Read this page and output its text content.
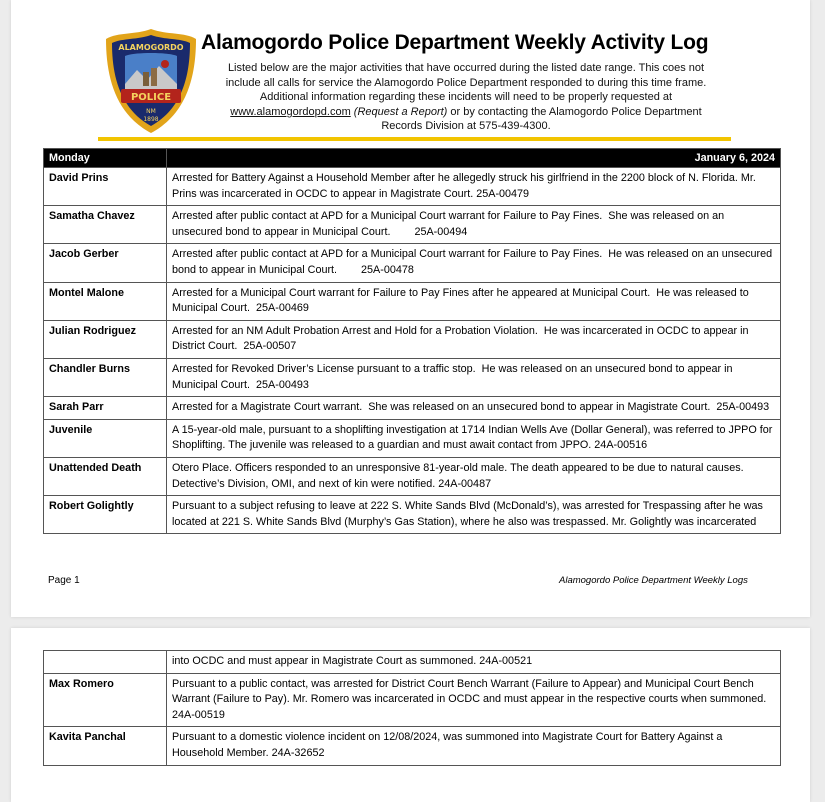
POLICE
ALAMOGORDO
NM
1898
Alamogordo Police Department Weekly Activity Log
Listed below are the major activities that have occurred during the listed date range. This coes not
include all calls for service the Alamogordo Police Department responded to during this time frame.
Additional information regarding these incidents will need to be properly requested at
www.alamogordopd.com (Request a Report) or by contacting the Alamogordo Police Department
Records Division at 575-439-4300.
Monday	January 6, 2024
David Prins	Arrested for Battery Against a Household Member after he allegedly struck his girlfriend in the 2200 block of N. Florida. Mr. Prins was incarcerated in OCDC to appear in Magistrate Court. 25A-00479
Samatha Chavez	Arrested after public contact at APD for a Municipal Court warrant for Failure to Pay Fines.  She was released on an unsecured bond to appear in Municipal Court.        25A-00494
Jacob Gerber	Arrested after public contact at APD for a Municipal Court warrant for Failure to Pay Fines.  He was released on an unsecured bond to appear in Municipal Court.        25A-00478
Montel Malone	Arrested for a Municipal Court warrant for Failure to Pay Fines after he appeared at Municipal Court.  He was released to Municipal Court.  25A-00469
Julian Rodriguez	Arrested for an NM Adult Probation Arrest and Hold for a Probation Violation.  He was incarcerated in OCDC to appear in District Court.  25A-00507
Chandler Burns	Arrested for Revoked Driver’s License pursuant to a traffic stop.  He was released on an unsecured bond to appear in Municipal Court.  25A-00493
Sarah Parr	Arrested for a Magistrate Court warrant.  She was released on an unsecured bond to appear in Magistrate Court.  25A-00493
Juvenile	A 15-year-old male, pursuant to a shoplifting investigation at 1714 Indian Wells Ave (Dollar General), was referred to JPPO for Shoplifting. The juvenile was released to a guardian and must await contact from JPPO. 24A-00516
Unattended Death	Otero Place. Officers responded to an unresponsive 81-year-old male. The death appeared to be due to natural causes. Detective’s Division, OMI, and next of kin were notified. 24A-00487
Robert Golightly	Pursuant to a subject refusing to leave at 222 S. White Sands Blvd (McDonald’s), was arrested for Trespassing after he was located at 221 S. White Sands Blvd (Murphy’s Gas Station), where he also was trespassed. Mr. Golightly was incarcerated
Page 1	Alamogordo Police Department Weekly Logs
	into OCDC and must appear in Magistrate Court as summoned. 24A-00521
Max Romero	Pursuant to a public contact, was arrested for District Court Bench Warrant (Failure to Appear) and Municipal Court Bench Warrant (Failure to Pay). Mr. Romero was incarcerated in OCDC and must appear in the respective courts when summoned. 24A-00519
Kavita Panchal	Pursuant to a domestic violence incident on 12/08/2024, was summoned into Magistrate Court for Battery Against a Household Member. 24A-32652
